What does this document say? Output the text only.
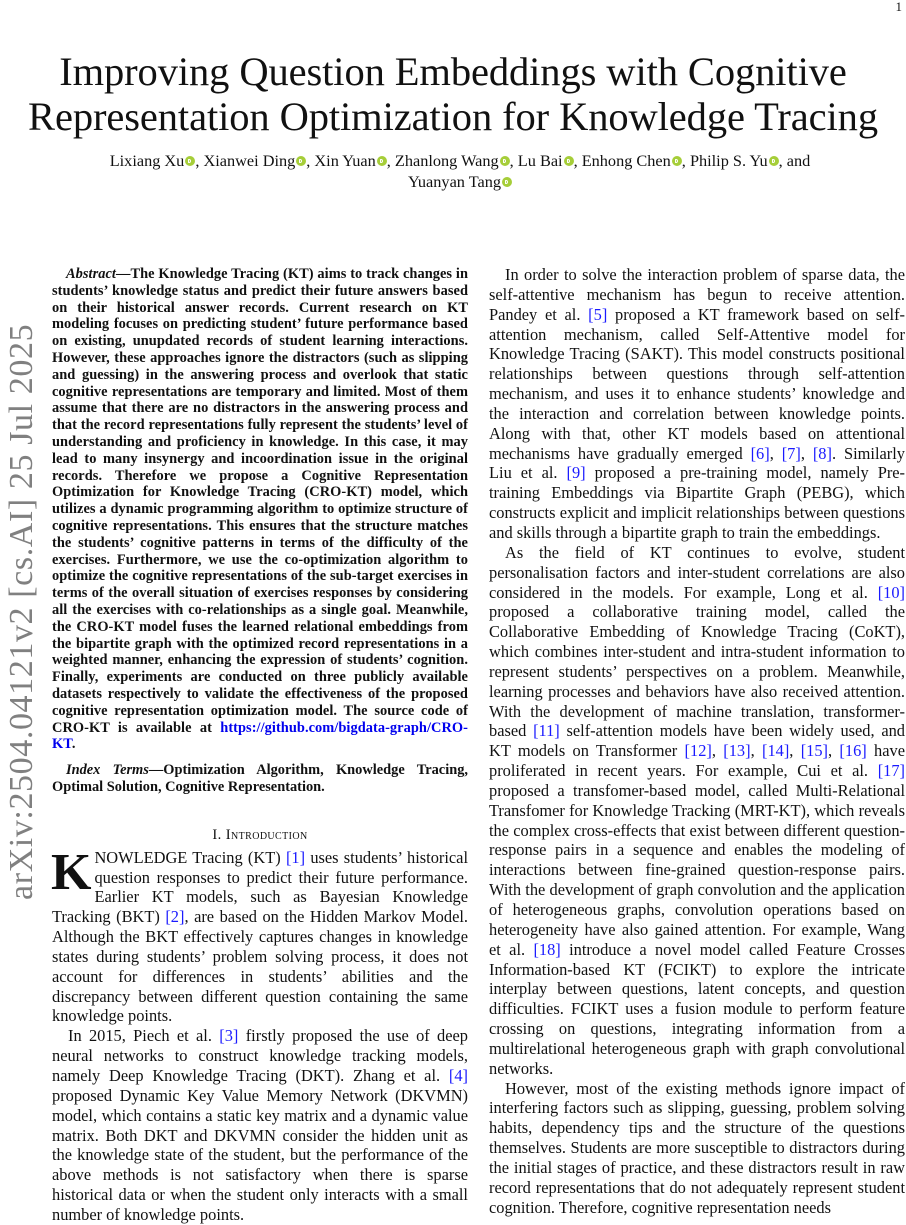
1
arXiv:2504.04121v2 [cs.AI] 25 Jul 2025
Improving Question Embeddings with Cognitive
Representation Optimization for Knowledge Tracing
Lixiang Xu , Xianwei Ding , Xin Yuan , Zhanlong Wang , Lu Bai , Enhong Chen , Philip S. Yu , and
Yuanyan Tang

Abstract—The Knowledge Tracing (KT) aims to track changes in students’ knowledge status and predict their future answers based on their historical answer records. Current research on KT modeling focuses on predicting student’ future performance based on existing, unupdated records of student learning interactions. However, these approaches ignore the distractors (such as slipping and guessing) in the answering process and overlook that static cognitive representations are temporary and limited. Most of them assume that there are no distractors in the answering process and that the record representations fully represent the students’ level of understanding and proficiency in knowledge. In this case, it may lead to many insynergy and incoordination issue in the original records. Therefore we propose a Cognitive Representation Optimization for Knowledge Tracing (CRO-KT) model, which utilizes a dynamic programming algorithm to optimize structure of cognitive representations. This ensures that the structure matches the students’ cognitive patterns in terms of the difficulty of the exercises. Furthermore, we use the co-optimization algorithm to optimize the cognitive representations of the sub-target exercises in terms of the overall situation of exercises responses by considering all the exercises with co-relationships as a single goal. Meanwhile, the CRO-KT model fuses the learned relational embeddings from the bipartite graph with the optimized record representations in a weighted manner, enhancing the expression of students’ cognition. Finally, experiments are conducted on three publicly available datasets respectively to validate the effectiveness of the proposed cognitive representation optimization model. The source code of CRO-KT is available at https://github.com/bigdata-graph/CRO-KT.

Index Terms—Optimization Algorithm, Knowledge Tracing, Optimal Solution, Cognitive Representation.

I. Introduction

KNOWLEDGE Tracing (KT) [1] uses students’ historical question responses to predict their future performance. Earlier KT models, such as Bayesian Knowledge Tracking (BKT) [2], are based on the Hidden Markov Model. Although the BKT effectively captures changes in knowledge states during students’ problem solving process, it does not account for differences in students’ abilities and the discrepancy between different question containing the same knowledge points.

In 2015, Piech et al. [3] firstly proposed the use of deep neural networks to construct knowledge tracking models, namely Deep Knowledge Tracing (DKT). Zhang et al. [4] proposed Dynamic Key Value Memory Network (DKVMN) model, which contains a static key matrix and a dynamic value matrix. Both DKT and DKVMN consider the hidden unit as the knowledge state of the student, but the performance of the above methods is not satisfactory when there is sparse historical data or when the student only interacts with a small number of knowledge points.

In order to solve the interaction problem of sparse data, the self-attentive mechanism has begun to receive attention. Pandey et al. [5] proposed a KT framework based on self-attention mechanism, called Self-Attentive model for Knowledge Tracing (SAKT). This model constructs positional relationships between questions through self-attention mechanism, and uses it to enhance students’ knowledge and the interaction and correlation between knowledge points. Along with that, other KT models based on attentional mechanisms have gradually emerged [6], [7], [8]. Similarly Liu et al. [9] proposed a pre-training model, namely Pre-training Embeddings via Bipartite Graph (PEBG), which constructs explicit and implicit relationships between questions and skills through a bipartite graph to train the embeddings.

As the field of KT continues to evolve, student personalisation factors and inter-student correlations are also considered in the models. For example, Long et al. [10] proposed a collaborative training model, called the Collaborative Embedding of Knowledge Tracing (CoKT), which combines inter-student and intra-student information to represent students’ perspectives on a problem. Meanwhile, learning processes and behaviors have also received attention. With the development of machine translation, transformer-based [11] self-attention models have been widely used, and KT models on Transformer [12], [13], [14], [15], [16] have proliferated in recent years. For example, Cui et al. [17] proposed a transfomer-based model, called Multi-Relational Transfomer for Knowledge Tracking (MRT-KT), which reveals the complex cross-effects that exist between different question-response pairs in a sequence and enables the modeling of interactions between fine-grained question-response pairs. With the development of graph convolution and the application of heterogeneous graphs, convolution operations based on heterogeneity have also gained attention. For example, Wang et al. [18] introduce a novel model called Feature Crosses Information-based KT (FCIKT) to explore the intricate interplay between questions, latent concepts, and question difficulties. FCIKT uses a fusion module to perform feature crossing on questions, integrating information from a multirelational heterogeneous graph with graph convolutional networks.

However, most of the existing methods ignore impact of interfering factors such as slipping, guessing, problem solving habits, dependency tips and the structure of the questions themselves. Students are more susceptible to distractors during the initial stages of practice, and these distractors result in raw record representations that do not adequately represent student cognition. Therefore, cognitive representation needs
